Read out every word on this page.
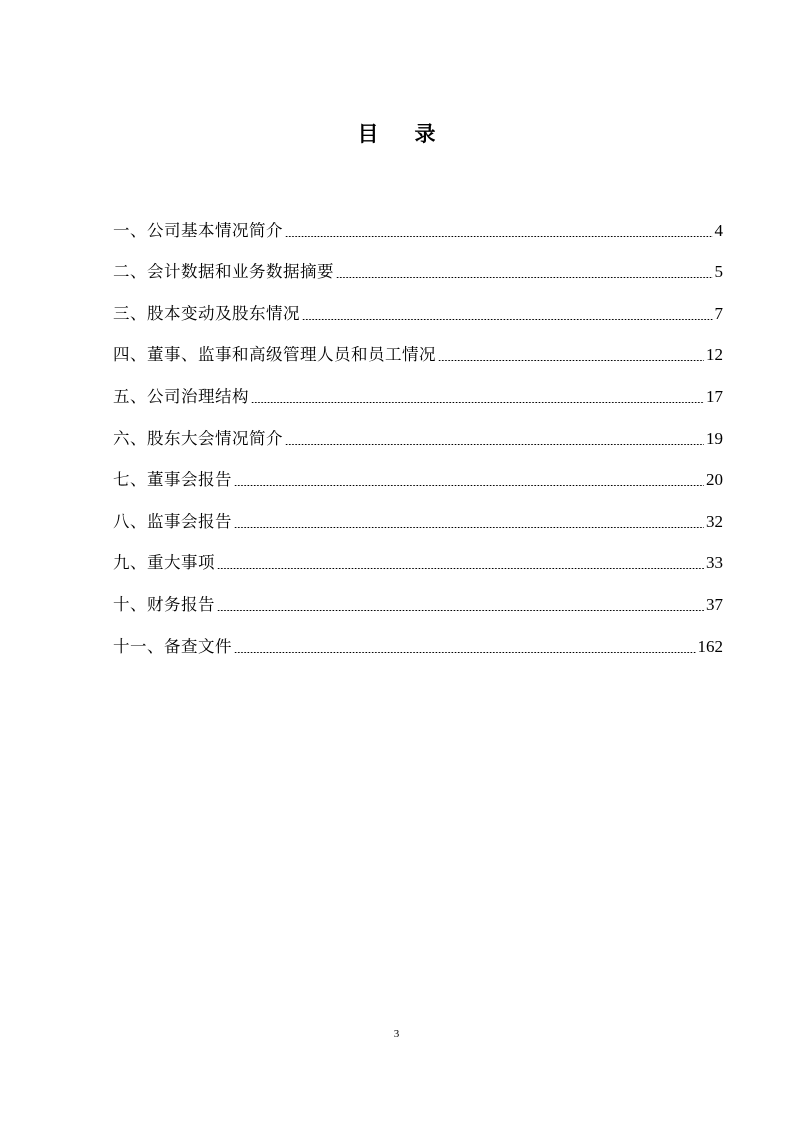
目录
一、公司基本情况简介	4
二、会计数据和业务数据摘要	5
三、股本变动及股东情况	7
四、董事、监事和高级管理人员和员工情况	12
五、公司治理结构	17
六、股东大会情况简介	19
七、董事会报告	20
八、监事会报告	32
九、重大事项	33
十、财务报告	37
十一、备查文件	162
3
